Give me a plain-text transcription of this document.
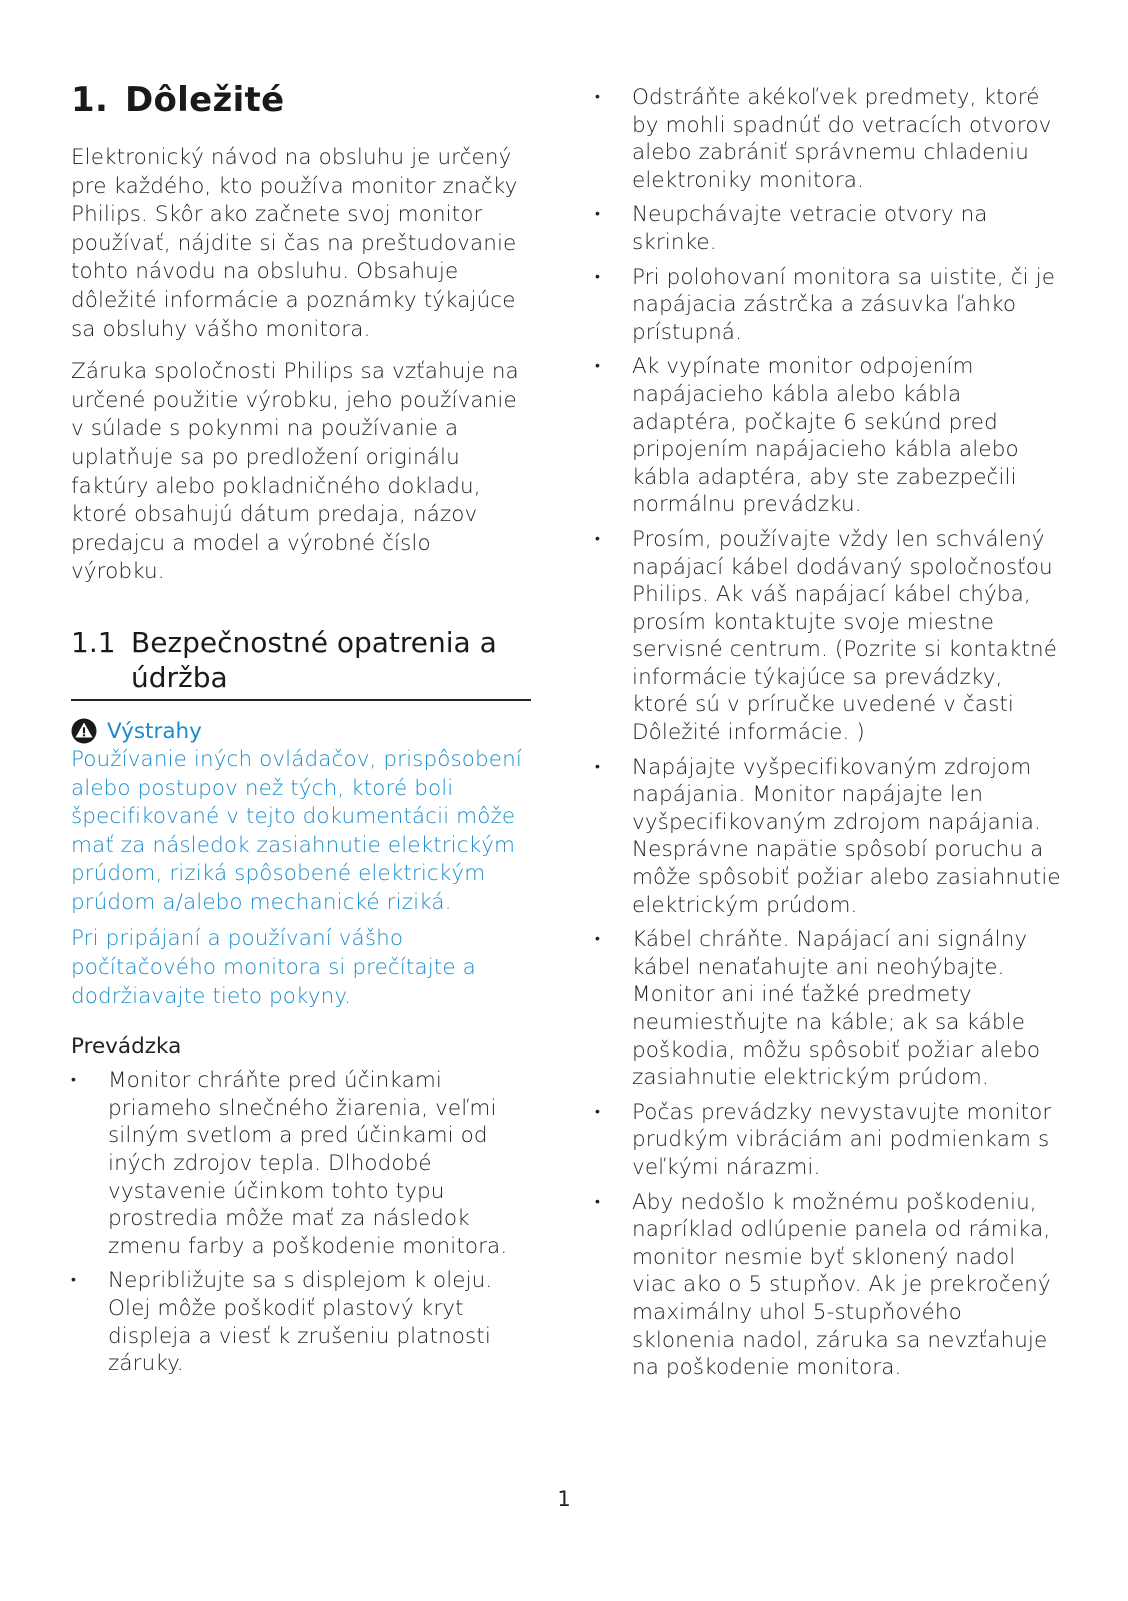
1. Dôležité

Elektronický návod na obsluhu je určený pre každého, kto používa monitor značky Philips. Skôr ako začnete svoj monitor používať, nájdite si čas na preštudovanie tohto návodu na obsluhu. Obsahuje dôležité informácie a poznámky týkajúce sa obsluhy vášho monitora.

Záruka spoločnosti Philips sa vzťahuje na určené použitie výrobku, jeho používanie v súlade s pokynmi na používanie a uplatňuje sa po predložení originálu faktúry alebo pokladničného dokladu, ktoré obsahujú dátum predaja, názov predajcu a model a výrobné číslo výrobku.

1.1 Bezpečnostné opatrenia a údržba
Výstrahy

Používanie iných ovládačov, prispôsobení alebo postupov než tých, ktoré boli špecifikované v tejto dokumentácii môže mať za následok zasiahnutie elektrickým prúdom, riziká spôsobené elektrickým prúdom a/alebo mechanické riziká.

Pri pripájaní a používaní vášho počítačového monitora si prečítajte a dodržiavajte tieto pokyny.

Prevádzka
•	Monitor chráňte pred účinkami priameho slnečného žiarenia, veľmi silným svetlom a pred účinkami od iných zdrojov tepla. Dlhodobé vystavenie účinkom tohto typu prostredia môže mať za následok zmenu farby a poškodenie monitora.
•	Nepribližujte sa s displejom k oleju. Olej môže poškodiť plastový kryt displeja a viesť k zrušeniu platnosti záruky.
•	Odstráňte akékoľvek predmety, ktoré by mohli spadnúť do vetracích otvorov alebo zabrániť správnemu chladeniu elektroniky monitora.
•	Neupchávajte vetracie otvory na skrinke.
•	Pri polohovaní monitora sa uistite, či je napájacia zástrčka a zásuvka ľahko prístupná.
•	Ak vypínate monitor odpojením napájacieho kábla alebo kábla adaptéra, počkajte 6 sekúnd pred pripojením napájacieho kábla alebo kábla adaptéra, aby ste zabezpečili normálnu prevádzku.
•	Prosím, používajte vždy len schválený napájací kábel dodávaný spoločnosťou Philips. Ak váš napájací kábel chýba, prosím kontaktujte svoje miestne servisné centrum. (Pozrite si kontaktné informácie týkajúce sa prevádzky, ktoré sú v príručke uvedené v časti Dôležité informácie. )
•	Napájajte vyšpecifikovaným zdrojom napájania. Monitor napájajte len vyšpecifikovaným zdrojom napájania. Nesprávne napätie spôsobí poruchu a môže spôsobiť požiar alebo zasiahnutie elektrickým prúdom.
•	Kábel chráňte. Napájací ani signálny kábel nenaťahujte ani neohýbajte. Monitor ani iné ťažké predmety neumiestňujte na káble; ak sa káble poškodia, môžu spôsobiť požiar alebo zasiahnutie elektrickým prúdom.
•	Počas prevádzky nevystavujte monitor prudkým vibráciám ani podmienkam s veľkými nárazmi.
•	Aby nedošlo k možnému poškodeniu, napríklad odlúpenie panela od rámika, monitor nesmie byť sklonený nadol viac ako o 5 stupňov. Ak je prekročený maximálny uhol 5-stupňového sklonenia nadol, záruka sa nevzťahuje na poškodenie monitora.
1
